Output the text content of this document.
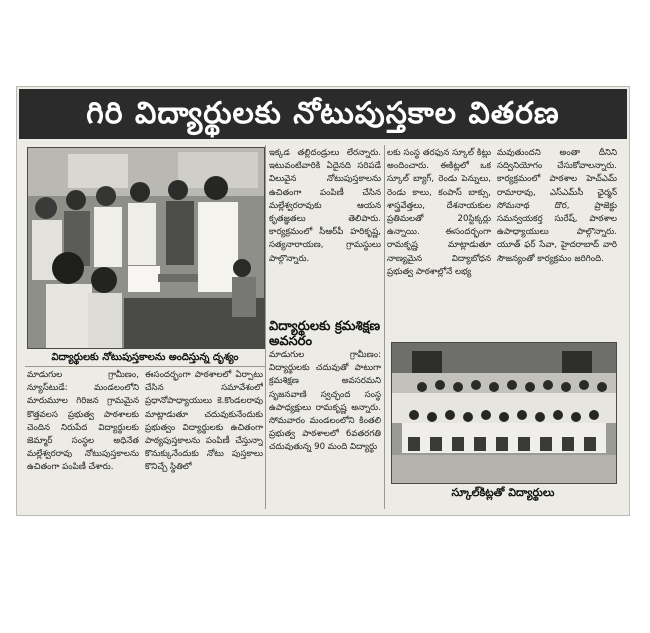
గిరి విద్యార్థులకు నోటుపుస్తకాల వితరణ
విద్యార్థులకు నోటుపుస్తకాలను అందిస్తున్న దృశ్యం
మాడుగుల గ్రామీణం, న్యూస్‌టుడే: మండలంలోని మారుమూల గిరిజన గ్రామమైన కొత్తవలస ప్రభుత్వ పాఠశాలకు చెందిన నిరుపేద విద్యార్థులకు జెమ్మార్ సంస్థల అధినేత మల్లేశ్వరరావు నోటుపుస్తకాలను ఉచితంగా పంపిణీ చేశారు.
ఈసందర్భంగా పాఠశాలలో ఏర్పాటు చేసిన సమావేశంలో ప్రధానోపాధ్యాయులు కె.కొండలరావు మాట్లాడుతూ చదువుకునేందుకు ప్రభుత్వం విద్యార్థులకు ఉచితంగా పాఠ్యపుస్తకాలను పంపిణీ చేస్తున్నా కొనుక్కునేందుకు నోటు పుస్తకాలు కొనిచ్చే స్థితిలో
ఇక్కడ తల్లిదండ్రులు లేరన్నారు. ఇటువంటివారికి ఏదైనది సరిపడే విలువైన నోటుపుస్తకాలను ఉచితంగా పంపిణీ చేసిన మల్లేశ్వరరావుకు ఆయన కృతజ్ఞతలు తెలిపారు. కార్యక్రమంలో సీఆర్‌పీ హరికృష్ణ, సత్యనారాయణ, గ్రామస్థులు పాల్గొన్నారు.
విద్యార్థులకు క్రమశిక్షణ అవసరం
మాడుగుల గ్రామీణం: విద్యార్థులకు చదువుతో పాటుగా క్రమశిక్షణ అవసరమని సృజనవాణి స్వచ్ఛంద సంస్థ ఉపాధ్యక్షులు రామకృష్ణ అన్నారు. సోమవారం మండలంలోని కింతలి ప్రభుత్వ పాఠశాలలో 6వతరగతి చదువుతున్న 90 మంది విద్యార్థు
లకు సంస్థ తరఫున స్కూల్ కిట్లు అందించారు. ఈకిట్లలో ఒక స్కూల్ బ్యాగ్, రెండు పెన్నులు, రెండు కాలు, కంపాస్ బాక్సు, శాస్త్రవేత్తలు, దేశనాయకుల ప్రతిమలతో 20స్టిక్కర్లు ఉన్నాయి. ఈసందర్భంగా రామకృష్ణ మాట్లాడుతూ నాణ్యమైన విద్యాబోధన ప్రభుత్వ పాఠశాల్లోనే లభ్య
మవుతుందని అంతా దీనిని సద్వినియోగం చేసుకోవాలన్నారు. కార్యక్రమంలో పాఠశాల హెచ్‌ఎమ్ రామారావు, ఎస్‌ఎమ్‌సీ ఛైర్మన్ సోమనాథ దొర, ప్రాజెక్టు సమన్వయకర్త సురేష్, పాఠశాల ఉపాధ్యాయులు పాల్గొన్నారు. యూత్ ఫర్ సేవా, హైదరాబాద్ వారి సౌజన్యంతో కార్యక్రమం జరిగింది.
స్కూల్‌కిట్లతో విద్యార్థులు
